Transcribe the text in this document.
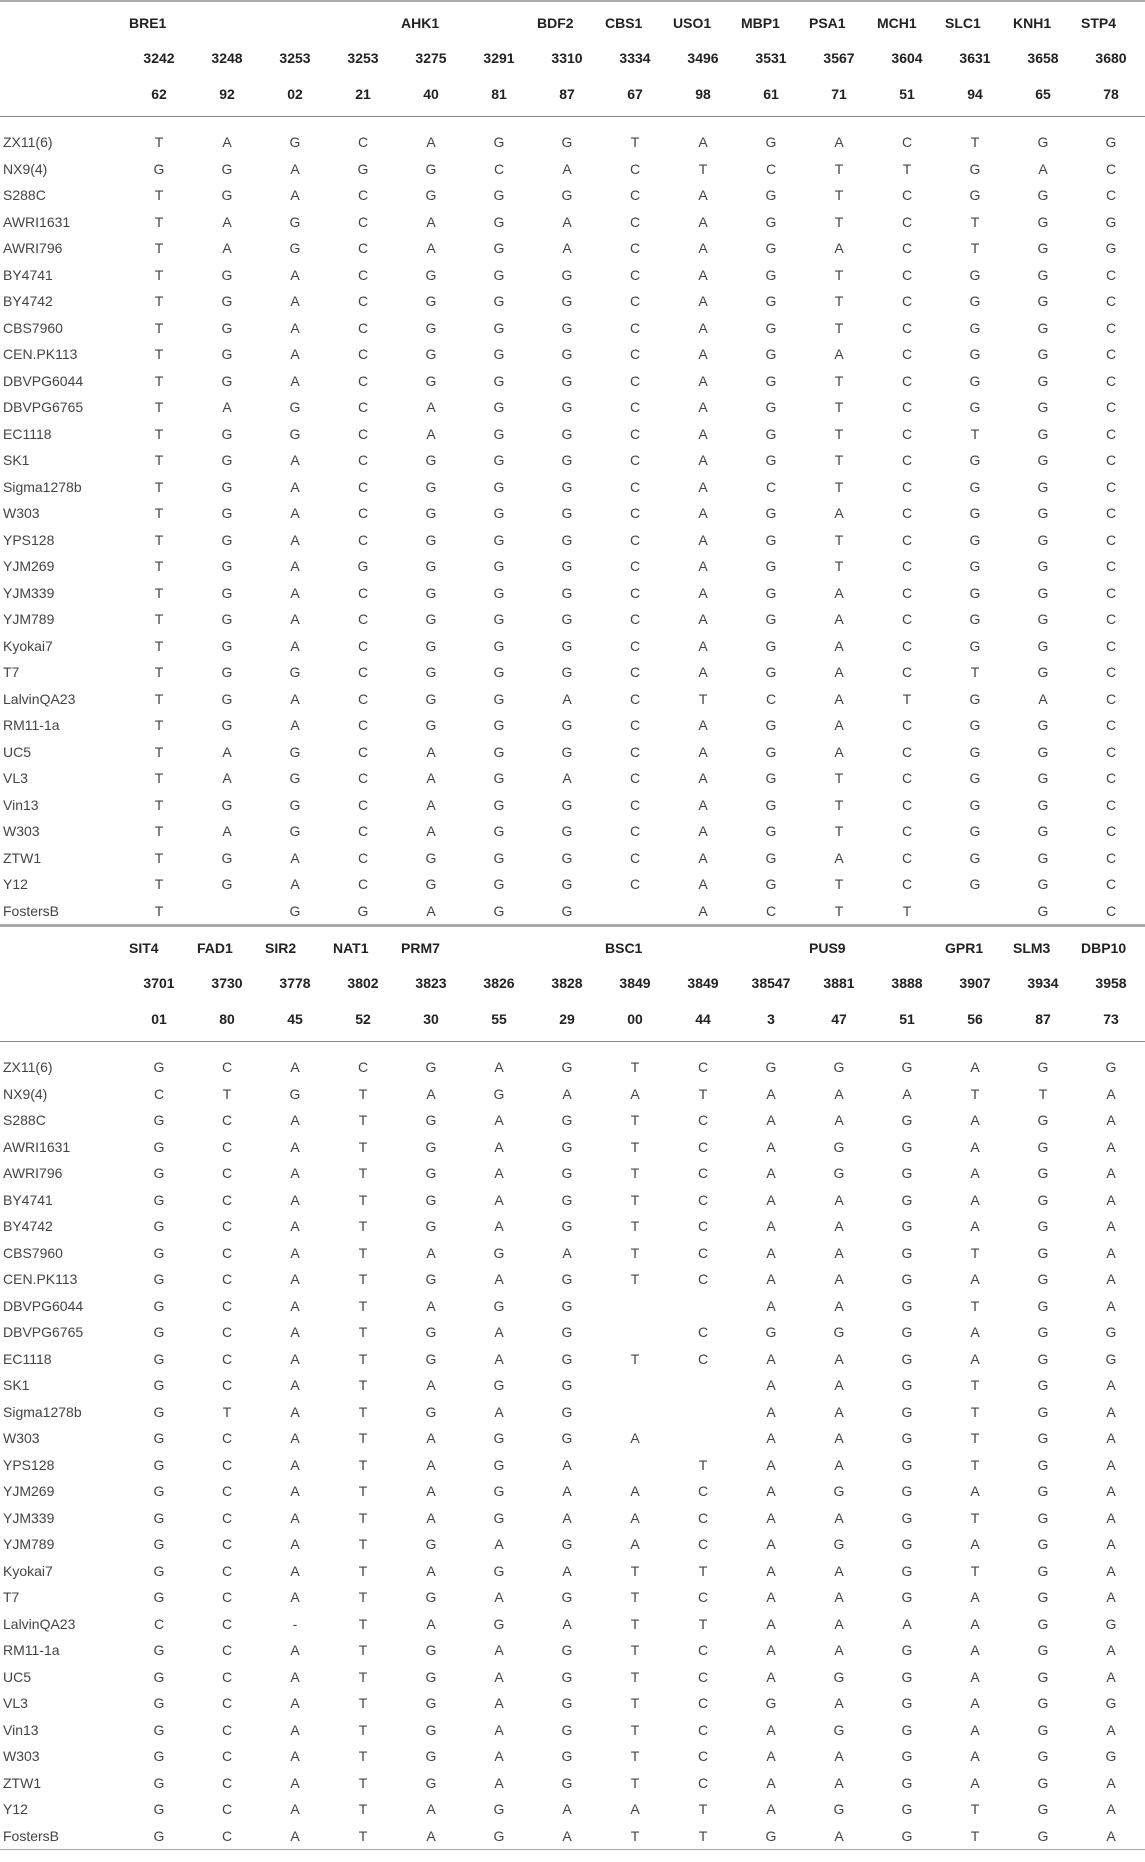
	BRE1				AHK1		BDF2	CBS1	USO1	MBP1	PSA1	MCH1	SLC1	KNH1	STP4
	3242	3248	3253	3253	3275	3291	3310	3334	3496	3531	3567	3604	3631	3658	3680
	62	92	02	21	40	81	87	67	98	61	71	51	94	65	78
ZX11(6)	T	A	G	C	A	G	G	T	A	G	A	C	T	G	G
NX9(4)	G	G	A	G	G	C	A	C	T	C	T	T	G	A	C
S288C	T	G	A	C	G	G	G	C	A	G	T	C	G	G	C
AWRI1631	T	A	G	C	A	G	A	C	A	G	T	C	T	G	G
AWRI796	T	A	G	C	A	G	A	C	A	G	A	C	T	G	G
BY4741	T	G	A	C	G	G	G	C	A	G	T	C	G	G	C
BY4742	T	G	A	C	G	G	G	C	A	G	T	C	G	G	C
CBS7960	T	G	A	C	G	G	G	C	A	G	T	C	G	G	C
CEN.PK113	T	G	A	C	G	G	G	C	A	G	A	C	G	G	C
DBVPG6044	T	G	A	C	G	G	G	C	A	G	T	C	G	G	C
DBVPG6765	T	A	G	C	A	G	G	C	A	G	T	C	G	G	C
EC1118	T	G	G	C	A	G	G	C	A	G	T	C	T	G	C
SK1	T	G	A	C	G	G	G	C	A	G	T	C	G	G	C
Sigma1278b	T	G	A	C	G	G	G	C	A	C	T	C	G	G	C
W303	T	G	A	C	G	G	G	C	A	G	A	C	G	G	C
YPS128	T	G	A	C	G	G	G	C	A	G	T	C	G	G	C
YJM269	T	G	A	G	G	G	G	C	A	G	T	C	G	G	C
YJM339	T	G	A	C	G	G	G	C	A	G	A	C	G	G	C
YJM789	T	G	A	C	G	G	G	C	A	G	A	C	G	G	C
Kyokai7	T	G	A	C	G	G	G	C	A	G	A	C	G	G	C
T7	T	G	G	C	G	G	G	C	A	G	A	C	T	G	C
LalvinQA23	T	G	A	C	G	G	A	C	T	C	A	T	G	A	C
RM11-1a	T	G	A	C	G	G	G	C	A	G	A	C	G	G	C
UC5	T	A	G	C	A	G	G	C	A	G	A	C	G	G	C
VL3	T	A	G	C	A	G	A	C	A	G	T	C	G	G	C
Vin13	T	G	G	C	A	G	G	C	A	G	T	C	G	G	C
W303	T	A	G	C	A	G	G	C	A	G	T	C	G	G	C
ZTW1	T	G	A	C	G	G	G	C	A	G	A	C	G	G	C
Y12	T	G	A	C	G	G	G	C	A	G	T	C	G	G	C
FostersB	T		G	G	A	G	G		A	C	T	T		G	C
	SIT4	FAD1	SIR2	NAT1	PRM7			BSC1			PUS9		GPR1	SLM3	DBP10
	3701	3730	3778	3802	3823	3826	3828	3849	3849	38547	3881	3888	3907	3934	3958
	01	80	45	52	30	55	29	00	44	3	47	51	56	87	73
ZX11(6)	G	C	A	C	G	A	G	T	C	G	G	G	A	G	G
NX9(4)	C	T	G	T	A	G	A	A	T	A	A	A	T	T	A
S288C	G	C	A	T	G	A	G	T	C	A	A	G	A	G	A
AWRI1631	G	C	A	T	G	A	G	T	C	A	G	G	A	G	A
AWRI796	G	C	A	T	G	A	G	T	C	A	G	G	A	G	A
BY4741	G	C	A	T	G	A	G	T	C	A	A	G	A	G	A
BY4742	G	C	A	T	G	A	G	T	C	A	A	G	A	G	A
CBS7960	G	C	A	T	A	G	A	T	C	A	A	G	T	G	A
CEN.PK113	G	C	A	T	G	A	G	T	C	A	A	G	A	G	A
DBVPG6044	G	C	A	T	A	G	G			A	A	G	T	G	A
DBVPG6765	G	C	A	T	G	A	G		C	G	G	G	A	G	G
EC1118	G	C	A	T	G	A	G	T	C	A	A	G	A	G	G
SK1	G	C	A	T	A	G	G			A	A	G	T	G	A
Sigma1278b	G	T	A	T	G	A	G			A	A	G	T	G	A
W303	G	C	A	T	A	G	G	A		A	A	G	T	G	A
YPS128	G	C	A	T	A	G	A		T	A	A	G	T	G	A
YJM269	G	C	A	T	A	G	A	A	C	A	G	G	A	G	A
YJM339	G	C	A	T	A	G	A	A	C	A	A	G	T	G	A
YJM789	G	C	A	T	G	A	G	A	C	A	G	G	A	G	A
Kyokai7	G	C	A	T	A	G	A	T	T	A	A	G	T	G	A
T7	G	C	A	T	G	A	G	T	C	A	A	G	A	G	A
LalvinQA23	C	C	-	T	A	G	A	T	T	A	A	A	A	G	G
RM11-1a	G	C	A	T	G	A	G	T	C	A	A	G	A	G	A
UC5	G	C	A	T	G	A	G	T	C	A	G	G	A	G	A
VL3	G	C	A	T	G	A	G	T	C	G	A	G	A	G	G
Vin13	G	C	A	T	G	A	G	T	C	A	G	G	A	G	A
W303	G	C	A	T	G	A	G	T	C	A	A	G	A	G	G
ZTW1	G	C	A	T	G	A	G	T	C	A	A	G	A	G	A
Y12	G	C	A	T	A	G	A	A	T	A	G	G	T	G	A
FostersB	G	C	A	T	A	G	A	T	T	G	A	G	T	G	A
